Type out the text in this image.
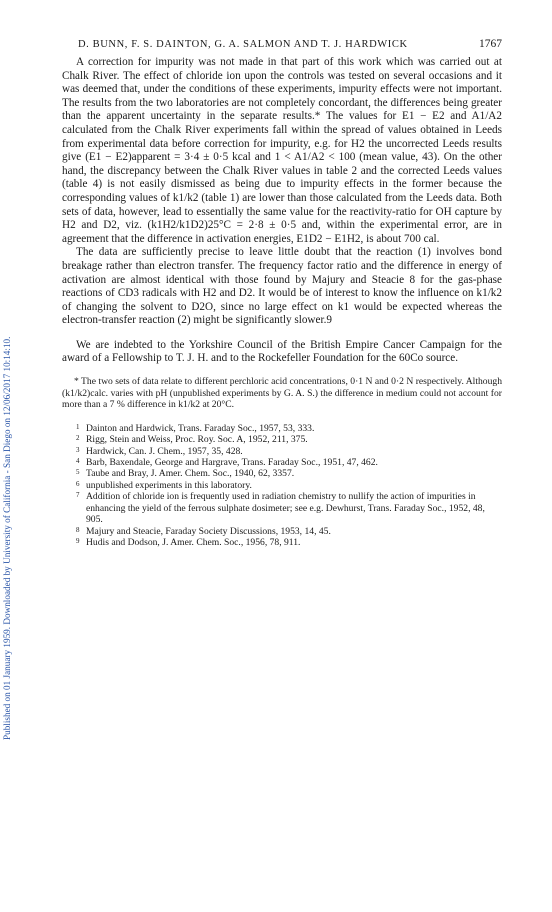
Published on 01 January 1959. Downloaded by University of California - San Diego on 12/06/2017 10:14:10.
D. BUNN, F. S. DAINTON, G. A. SALMON AND T. J. HARDWICK	1767

A correction for impurity was not made in that part of this work which was carried out at Chalk River. The effect of chloride ion upon the controls was tested on several occasions and it was deemed that, under the conditions of these experiments, impurity effects were not important. The results from the two laboratories are not completely concordant, the differences being greater than the apparent uncertainty in the separate results.* The values for E1 − E2 and A1/A2 calculated from the Chalk River experiments fall within the spread of values obtained in Leeds from experimental data before correction for impurity, e.g. for H2 the uncorrected Leeds results give (E1 − E2)apparent = 3·4 ± 0·5 kcal and 1 < A1/A2 < 100 (mean value, 43). On the other hand, the discrepancy between the Chalk River values in table 2 and the corrected Leeds values (table 4) is not easily dismissed as being due to impurity effects in the former because the corresponding values of k1/k2 (table 1) are lower than those calculated from the Leeds data. Both sets of data, however, lead to essentially the same value for the reactivity-ratio for OH capture by H2 and D2, viz. (k1H2/k1D2)25°C = 2·8 ± 0·5 and, within the experimental error, are in agreement that the difference in activation energies, E1D2 − E1H2, is about 700 cal.

The data are sufficiently precise to leave little doubt that the reaction (1) involves bond breakage rather than electron transfer. The frequency factor ratio and the difference in energy of activation are almost identical with those found by Majury and Steacie 8 for the gas-phase reactions of CD3 radicals with H2 and D2. It would be of interest to know the influence on k1/k2 of changing the solvent to D2O, since no large effect on k1 would be expected whereas the electron-transfer reaction (2) might be significantly slower.9

We are indebted to the Yorkshire Council of the British Empire Cancer Campaign for the award of a Fellowship to T. J. H. and to the Rockefeller Foundation for the 60Co source.

* The two sets of data relate to different perchloric acid concentrations, 0·1 N and 0·2 N respectively. Although (k1/k2)calc. varies with pH (unpublished experiments by G. A. S.) the difference in medium could not account for more than a 7 % difference in k1/k2 at 20°C.

1 Dainton and Hardwick, Trans. Faraday Soc., 1957, 53, 333.
2 Rigg, Stein and Weiss, Proc. Roy. Soc. A, 1952, 211, 375.
3 Hardwick, Can. J. Chem., 1957, 35, 428.
4 Barb, Baxendale, George and Hargrave, Trans. Faraday Soc., 1951, 47, 462.
5 Taube and Bray, J. Amer. Chem. Soc., 1940, 62, 3357.
6 unpublished experiments in this laboratory.
7 Addition of chloride ion is frequently used in radiation chemistry to nullify the action of impurities in enhancing the yield of the ferrous sulphate dosimeter; see e.g. Dewhurst, Trans. Faraday Soc., 1952, 48, 905.
8 Majury and Steacie, Faraday Society Discussions, 1953, 14, 45.
9 Hudis and Dodson, J. Amer. Chem. Soc., 1956, 78, 911.
